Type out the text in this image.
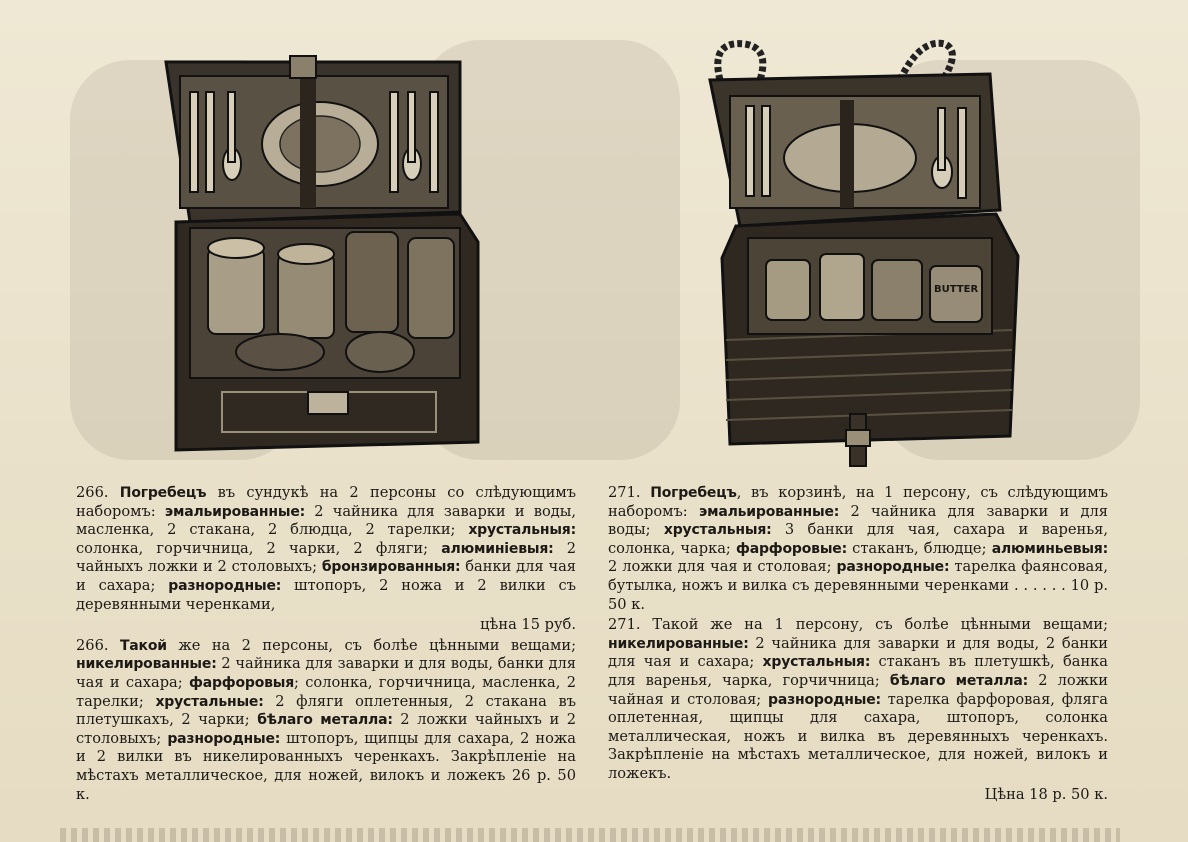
BUTTER

266. Погребецъ въ сундукѣ на 2 персоны со слѣдующимъ наборомъ: эмальированные: 2 чайника для заварки и воды, масленка, 2 стакана, 2 блюдца, 2 тарелки; хрустальныя: солонка, горчичница, 2 чарки, 2 фляги; алюминіевыя: 2 чайныхъ ложки и 2 столовыхъ; бронзированныя: банки для чая и сахара; разнородные: штопоръ, 2 ножа и 2 вилки съ деревянными черенками,

цѣна 15 руб.

266. Такой же на 2 персоны, съ болѣе цѣнными вещами; никелированные: 2 чайника для заварки и для воды, банки для чая и сахара; фарфоровыя; солонка, горчичница, масленка, 2 тарелки; хрустальные: 2 фляги оплетенныя, 2 стакана въ плетушкахъ, 2 чарки; бѣлаго металла: 2 ложки чайныхъ и 2 столовыхъ; разнородные: штопоръ, щипцы для сахара, 2 ножа и 2 вилки въ никелированныхъ черенкахъ. Закрѣпленіе на мѣстахъ металлическое, для ножей, вилокъ и ложекъ 26 р. 50 к.

271. Погребецъ, въ корзинѣ, на 1 персону, съ слѣдующимъ наборомъ: эмальированные: 2 чайника для заварки и для воды; хрустальныя: 3 банки для чая, сахара и варенья, солонка, чарка; фарфоровые: стаканъ, блюдце; алюминьевыя: 2 ложки для чая и столовая; разнородные: тарелка фаянсовая, бутылка, ножъ и вилка съ деревянными черенками . . . . . . 10 р. 50 к.

271. Такой же на 1 персону, съ болѣе цѣнными вещами; никелированные: 2 чайника для заварки и для воды, 2 банки для чая и сахара; хрустальныя: стаканъ въ плетушкѣ, банка для варенья, чарка, горчичница; бѣлаго металла: 2 ложки чайная и столовая; разнородные: тарелка фарфоровая, фляга оплетенная, щипцы для сахара, штопоръ, солонка металлическая, ножъ и вилка въ деревянныхъ черенкахъ. Закрѣпленіе на мѣстахъ металлическое, для ножей, вилокъ и ложекъ.

Цѣна 18 р. 50 к.
